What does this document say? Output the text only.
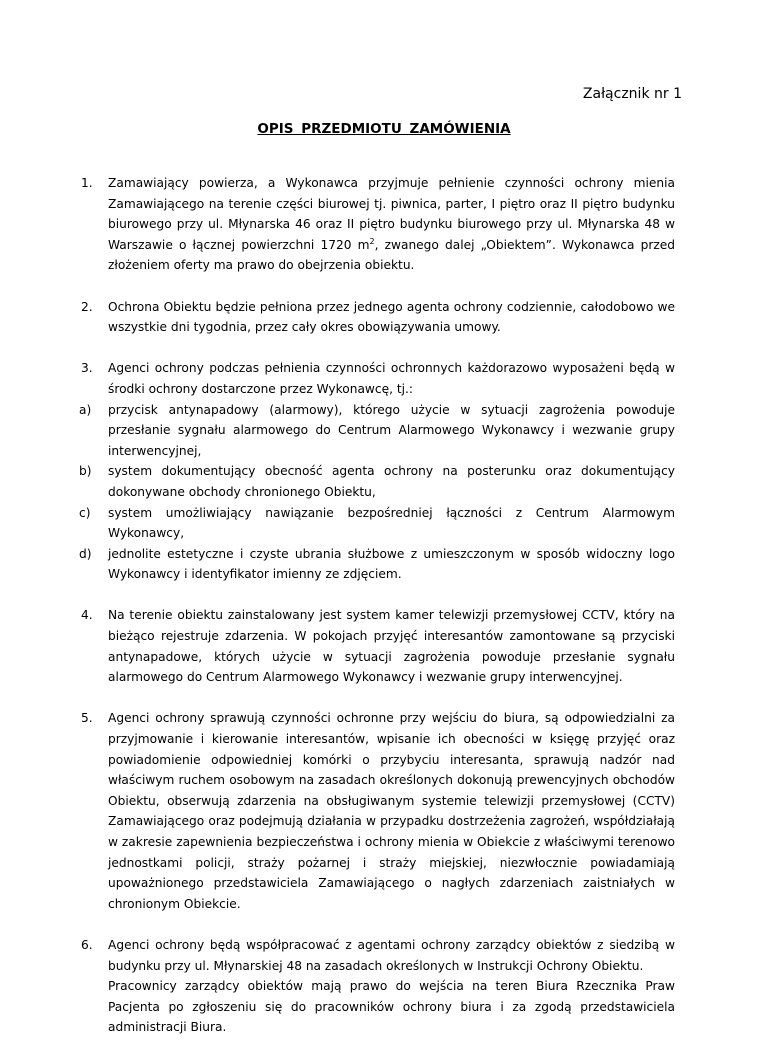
Załącznik nr 1
OPIS PRZEDMIOTU ZAMÓWIENIA
1. Zamawiający powierza, a Wykonawca przyjmuje pełnienie czynności ochrony mienia Zamawiającego na terenie części biurowej tj. piwnica, parter, I piętro oraz II piętro budynku biurowego przy ul. Młynarska 46 oraz II piętro budynku biurowego przy ul. Młynarska 48 w Warszawie o łącznej powierzchni 1720 $m^2$, zwanego dalej „Obiektem”. Wykonawca przed złożeniem oferty ma prawo do obejrzenia obiektu.
2. Ochrona Obiektu będzie pełniona przez jednego agenta ochrony codziennie, całodobowo we wszystkie dni tygodnia, przez cały okres obowiązywania umowy.
3. Agenci ochrony podczas pełnienia czynności ochronnych każdorazowo wyposażeni będą w środki ochrony dostarczone przez Wykonawcę, tj.:
a) przycisk antynapadowy (alarmowy), którego użycie w sytuacji zagrożenia powoduje przesłanie sygnału alarmowego do Centrum Alarmowego Wykonawcy i wezwanie grupy interwencyjnej,
b) system dokumentujący obecność agenta ochrony na posterunku oraz dokumentujący dokonywane obchody chronionego Obiektu,
c) system umożliwiający nawiązanie bezpośredniej łączności z Centrum Alarmowym Wykonawcy,
d) jednolite estetyczne i czyste ubrania służbowe z umieszczonym w sposób widoczny logo Wykonawcy i identyfikator imienny ze zdjęciem.
4. Na terenie obiektu zainstalowany jest system kamer telewizji przemysłowej CCTV, który na bieżąco rejestruje zdarzenia. W pokojach przyjęć interesantów zamontowane są przyciski antynapadowe, których użycie w sytuacji zagrożenia powoduje przesłanie sygnału alarmowego do Centrum Alarmowego Wykonawcy i wezwanie grupy interwencyjnej.
5. Agenci ochrony sprawują czynności ochronne przy wejściu do biura, są odpowiedzialni za przyjmowanie i kierowanie interesantów, wpisanie ich obecności w księgę przyjęć oraz powiadomienie odpowiedniej komórki o przybyciu interesanta, sprawują nadzór nad właściwym ruchem osobowym na zasadach określonych dokonują prewencyjnych obchodów Obiektu, obserwują zdarzenia na obsługiwanym systemie telewizji przemysłowej (CCTV) Zamawiającego oraz podejmują działania w przypadku dostrzeżenia zagrożeń, współdziałają w zakresie zapewnienia bezpieczeństwa i ochrony mienia w Obiekcie z właściwymi terenowo jednostkami policji, straży pożarnej i straży miejskiej, niezwłocznie powiadamiają upoważnionego przedstawiciela Zamawiającego o nagłych zdarzeniach zaistniałych w chronionym Obiekcie.
6. Agenci ochrony będą współpracować z agentami ochrony zarządcy obiektów z siedzibą w budynku przy ul. Młynarskiej 48 na zasadach określonych w Instrukcji Ochrony Obiektu.
Pracownicy zarządcy obiektów mają prawo do wejścia na teren Biura Rzecznika Praw Pacjenta po zgłoszeniu się do pracowników ochrony biura i za zgodą przedstawiciela administracji Biura.
